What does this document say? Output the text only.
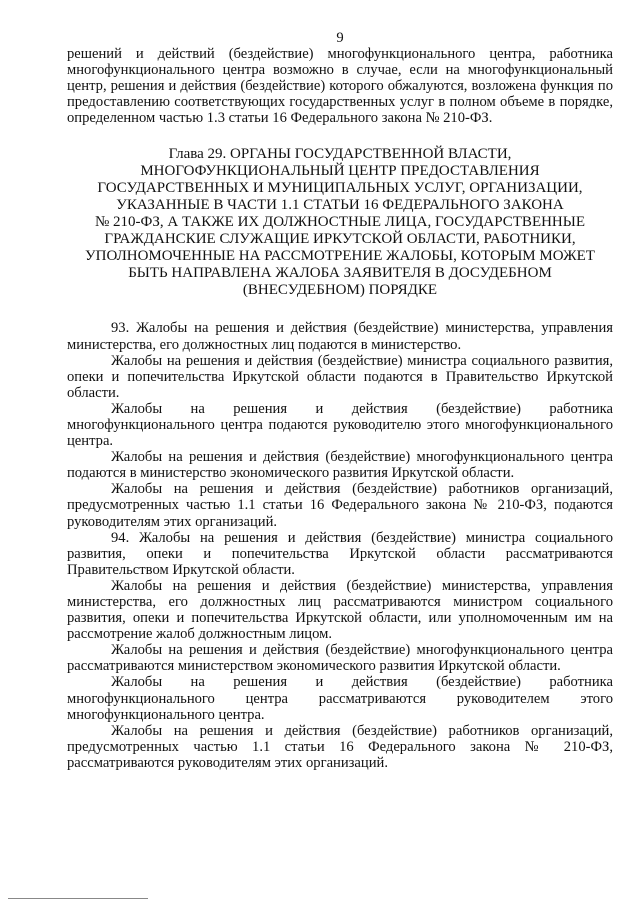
9

решений и действий (бездействие) многофункционального центра, работника многофункционального центра возможно в случае, если на многофункциональный центр, решения и действия (бездействие) которого обжалуются, возложена функция по предоставлению соответствующих государственных услуг в полном объеме в порядке, определенном частью 1.3 статьи 16 Федерального закона № 210-ФЗ.

Глава 29. ОРГАНЫ ГОСУДАРСТВЕННОЙ ВЛАСТИ,
МНОГОФУНКЦИОНАЛЬНЫЙ ЦЕНТР ПРЕДОСТАВЛЕНИЯ
ГОСУДАРСТВЕННЫХ И МУНИЦИПАЛЬНЫХ УСЛУГ, ОРГАНИЗАЦИИ,
УКАЗАННЫЕ В ЧАСТИ 1.1 СТАТЬИ 16 ФЕДЕРАЛЬНОГО ЗАКОНА
№ 210-ФЗ, А ТАКЖЕ ИХ ДОЛЖНОСТНЫЕ ЛИЦА, ГОСУДАРСТВЕННЫЕ
ГРАЖДАНСКИЕ СЛУЖАЩИЕ ИРКУТСКОЙ ОБЛАСТИ, РАБОТНИКИ,
УПОЛНОМОЧЕННЫЕ НА РАССМОТРЕНИЕ ЖАЛОБЫ, КОТОРЫМ МОЖЕТ
БЫТЬ НАПРАВЛЕНА ЖАЛОБА ЗАЯВИТЕЛЯ В ДОСУДЕБНОМ
(ВНЕСУДЕБНОМ) ПОРЯДКЕ

93. Жалобы на решения и действия (бездействие) министерства, управления министерства, его должностных лиц подаются в министерство.

Жалобы на решения и действия (бездействие) министра социального развития, опеки и попечительства Иркутской области подаются в Правительство Иркутской области.

Жалобы на решения и действия (бездействие) работника многофункционального центра подаются руководителю этого многофункционального центра.

Жалобы на решения и действия (бездействие) многофункционального центра подаются в министерство экономического развития Иркутской области.

Жалобы на решения и действия (бездействие) работников организаций, предусмотренных частью 1.1 статьи 16 Федерального закона № 210-ФЗ, подаются руководителям этих организаций.

94. Жалобы на решения и действия (бездействие) министра социального развития, опеки и попечительства Иркутской области рассматриваются Правительством Иркутской области.

Жалобы на решения и действия (бездействие) министерства, управления министерства, его должностных лиц рассматриваются министром социального развития, опеки и попечительства Иркутской области, или уполномоченным им на рассмотрение жалоб должностным лицом.

Жалобы на решения и действия (бездействие) многофункционального центра рассматриваются министерством экономического развития Иркутской области.

Жалобы на решения и действия (бездействие) работника многофункционального центра рассматриваются руководителем этого многофункционального центра.

Жалобы на решения и действия (бездействие) работников организаций, предусмотренных частью 1.1 статьи 16 Федерального закона № 210-ФЗ, рассматриваются руководителям этих организаций.
